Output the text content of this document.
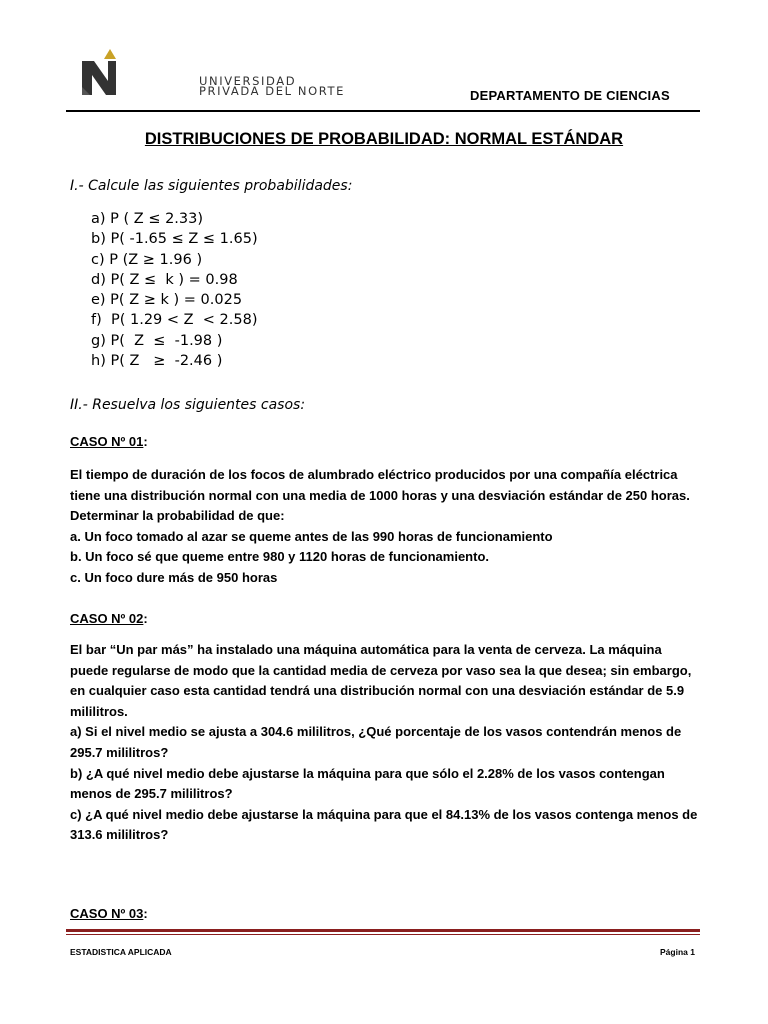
UNIVERSIDAD
PRIVADA DEL NORTE	DEPARTAMENTO DE CIENCIAS
DISTRIBUCIONES DE PROBABILIDAD: NORMAL ESTÁNDAR
I.- Calcule las siguientes probabilidades:
a) P ( Z ≤ 2.33)
b) P( -1.65 ≤ Z ≤ 1.65)
c) P (Z ≥ 1.96 )
d) P( Z ≤  k ) = 0.98
e) P( Z ≥ k ) = 0.025
f)  P( 1.29 < Z  < 2.58)
g) P(  Z  ≤  -1.98 )
h) P( Z   ≥  -2.46 )
II.- Resuelva los siguientes casos:
CASO Nº 01:
El tiempo de duración de los focos de alumbrado eléctrico producidos por una compañía eléctrica
tiene una distribución normal con una media de 1000 horas y una desviación estándar de 250 horas.
Determinar la probabilidad de que:
a. Un foco tomado al azar se queme antes de las 990 horas de funcionamiento
b. Un foco sé que queme entre 980 y 1120 horas de funcionamiento.
c. Un foco dure más de 950 horas
CASO Nº 02:
El bar “Un par más” ha instalado una máquina automática para la venta de cerveza. La máquina
puede regularse de modo que la cantidad media de cerveza por vaso sea la que desea; sin embargo,
en cualquier caso esta cantidad tendrá una distribución normal con una desviación estándar de 5.9
mililitros.
a) Si el nivel medio se ajusta a 304.6 mililitros, ¿Qué porcentaje de los vasos contendrán menos de
295.7 mililitros?
b) ¿A qué nivel medio debe ajustarse la máquina para que sólo el 2.28% de los vasos contengan
menos de 295.7 mililitros?
c) ¿A qué nivel medio debe ajustarse la máquina para que el 84.13% de los vasos contenga menos de
313.6 mililitros?
CASO Nº 03:
ESTADISTICA APLICADA	Página 1
